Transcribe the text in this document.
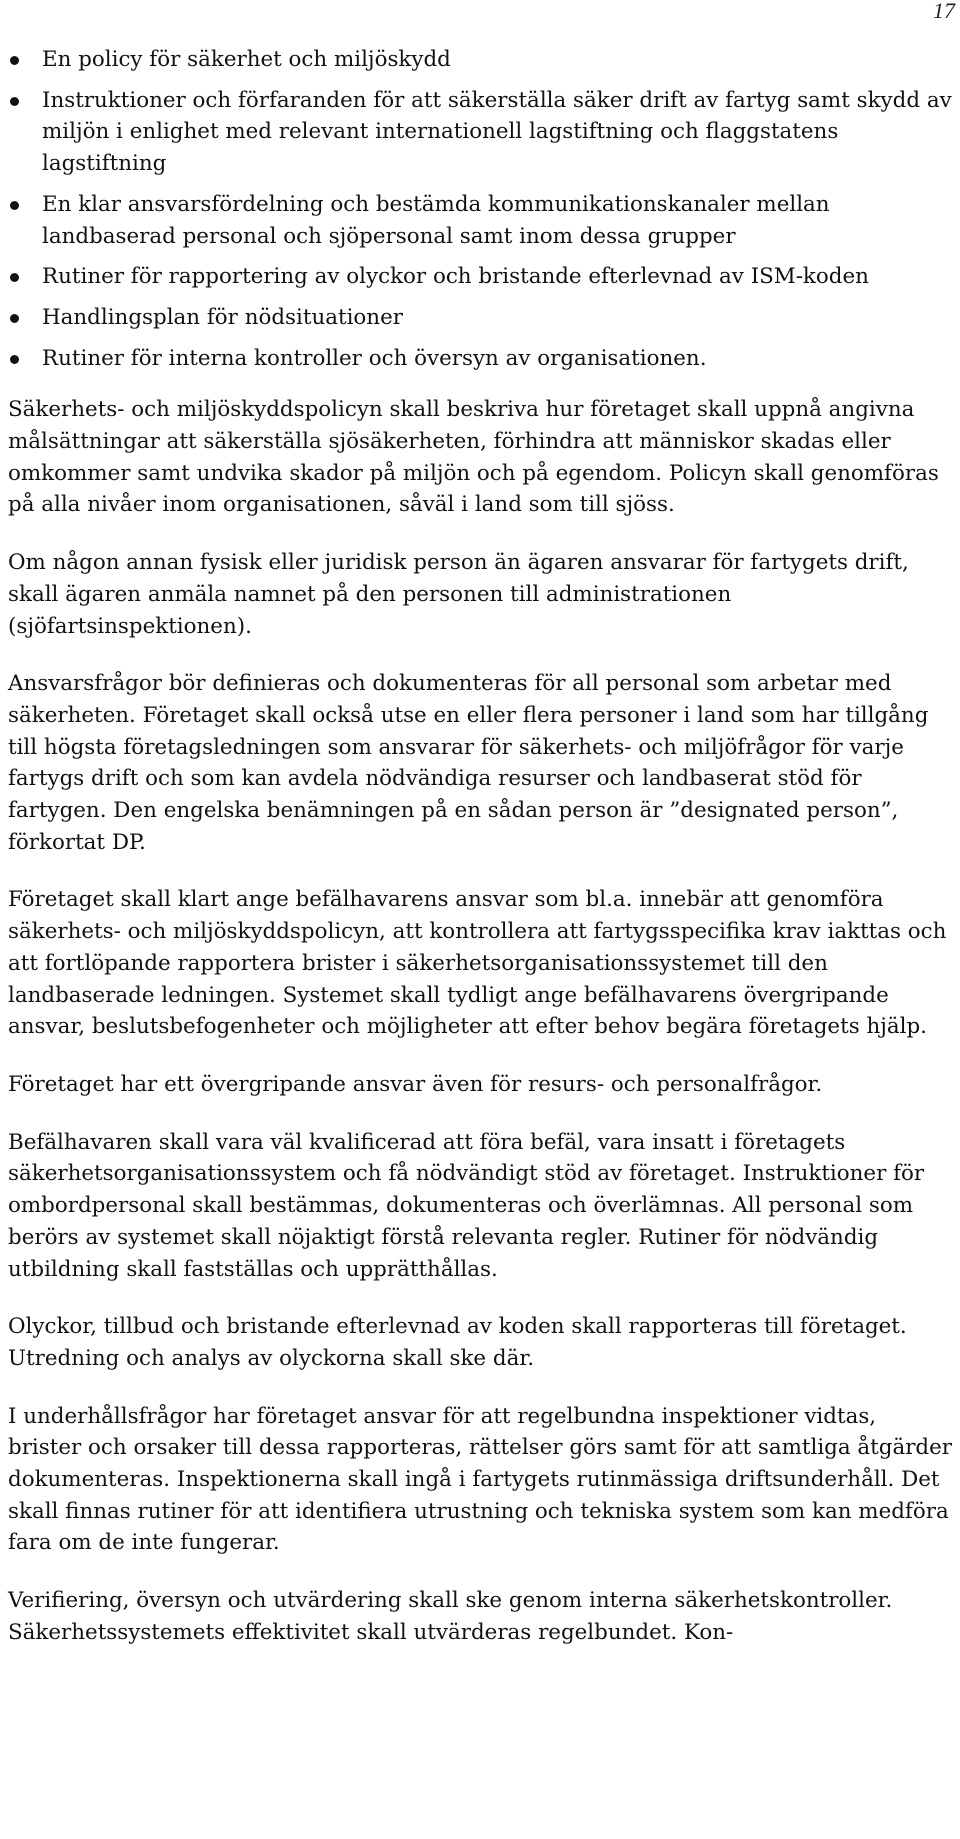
17
En policy för säkerhet och miljöskydd
Instruktioner och förfaranden för att säkerställa säker drift av fartyg samt skydd av miljön i enlighet med relevant internationell lagstiftning och flaggstatens lagstiftning
En klar ansvarsfördelning och bestämda kommunikationskanaler mellan landbaserad personal och sjöpersonal samt inom dessa grupper
Rutiner för rapportering av olyckor och bristande efterlevnad av ISM-koden
Handlingsplan för nödsituationer
Rutiner för interna kontroller och översyn av organisationen.

Säkerhets- och miljöskyddspolicyn skall beskriva hur företaget skall uppnå angivna målsättningar att säkerställa sjösäkerheten, förhindra att människor skadas eller omkommer samt undvika skador på miljön och på egendom. Policyn skall genomföras på alla nivåer inom organisationen, såväl i land som till sjöss.

Om någon annan fysisk eller juridisk person än ägaren ansvarar för fartygets drift, skall ägaren anmäla namnet på den personen till administrationen (sjöfartsinspektionen).

Ansvarsfrågor bör definieras och dokumenteras för all personal som arbetar med säkerheten. Företaget skall också utse en eller flera personer i land som har tillgång till högsta företagsledningen som ansvarar för säkerhets- och miljöfrågor för varje fartygs drift och som kan avdela nödvändiga resurser och landbaserat stöd för fartygen. Den engelska benämningen på en sådan person är ”designated person”, förkortat DP.

Företaget skall klart ange befälhavarens ansvar som bl.a. innebär att genomföra säkerhets- och miljöskyddspolicyn, att kontrollera att fartygsspecifika krav iakttas och att fortlöpande rapportera brister i säkerhetsorganisationssystemet till den landbaserade ledningen. Systemet skall tydligt ange befälhavarens övergripande ansvar, beslutsbefogenheter och möjligheter att efter behov begära företagets hjälp.

Företaget har ett övergripande ansvar även för resurs- och personalfrågor.

Befälhavaren skall vara väl kvalificerad att föra befäl, vara insatt i företagets säkerhetsorganisationssystem och få nödvändigt stöd av företaget. Instruktioner för ombordpersonal skall bestämmas, dokumenteras och överlämnas. All personal som berörs av systemet skall nöjaktigt förstå relevanta regler. Rutiner för nödvändig utbildning skall fastställas och upprätthållas.

Olyckor, tillbud och bristande efterlevnad av koden skall rapporteras till företaget. Utredning och analys av olyckorna skall ske där.

I underhållsfrågor har företaget ansvar för att regelbundna inspektioner vidtas, brister och orsaker till dessa rapporteras, rättelser görs samt för att samtliga åtgärder dokumenteras. Inspektionerna skall ingå i fartygets rutinmässiga driftsunderhåll. Det skall finnas rutiner för att identifiera utrustning och tekniska system som kan medföra fara om de inte fungerar.

Verifiering, översyn och utvärdering skall ske genom interna säkerhetskontroller. Säkerhetssystemets effektivitet skall utvärderas regelbundet. Kon-
